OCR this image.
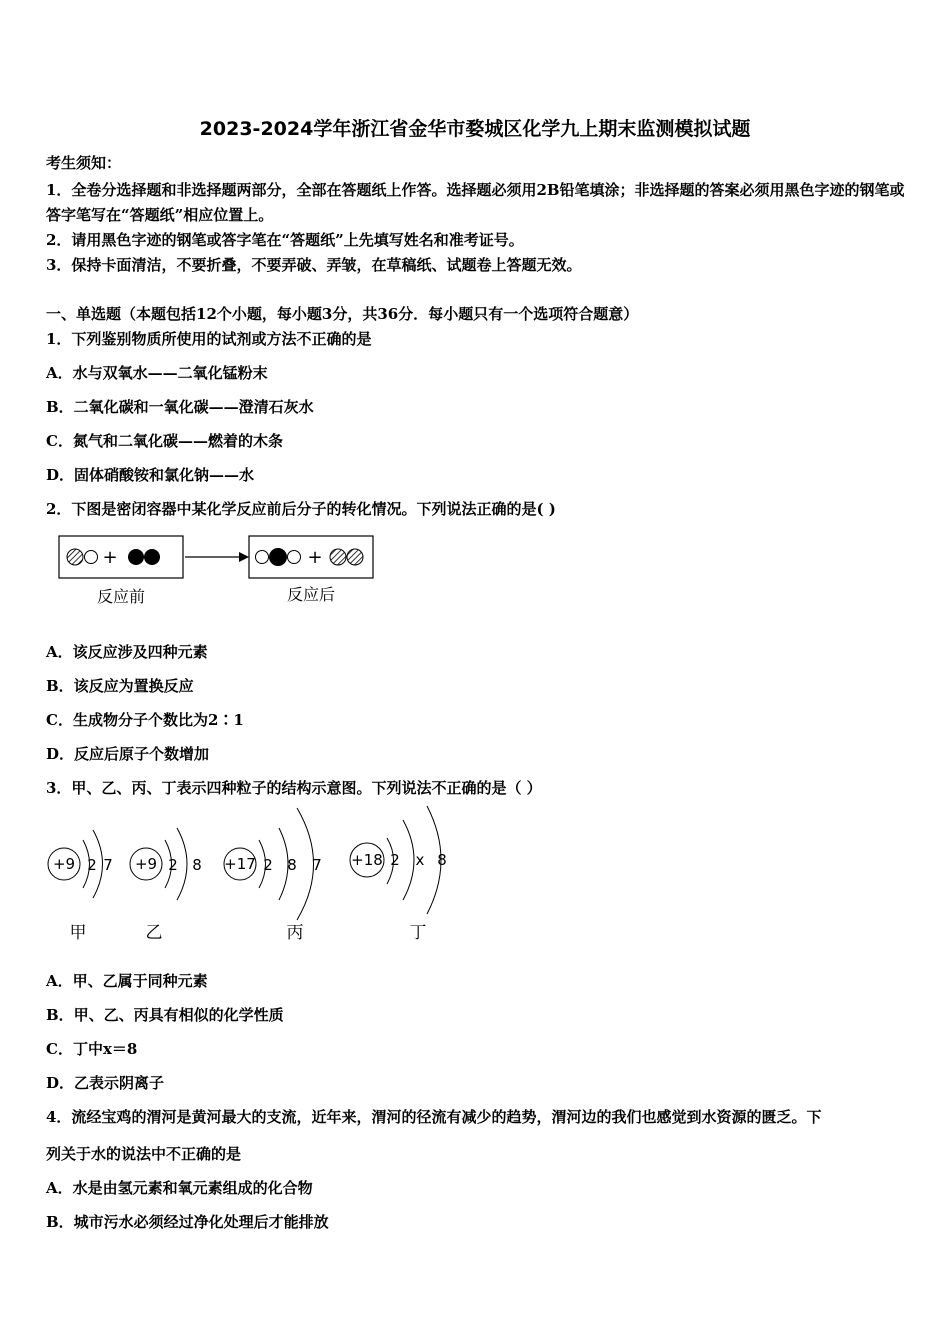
2023-2024学年浙江省金华市婺城区化学九上期末监测模拟试题
考生须知：
1．全卷分选择题和非选择题两部分，全部在答题纸上作答。选择题必须用2B铅笔填涂；非选择题的答案必须用黑色字迹的钢笔或答字笔写在“答题纸”相应位置上。
2．请用黑色字迹的钢笔或答字笔在“答题纸”上先填写姓名和准考证号。
3．保持卡面清洁，不要折叠，不要弄破、弄皱，在草稿纸、试题卷上答题无效。
一、单选题（本题包括12个小题，每小题3分，共36分．每小题只有一个选项符合题意）
1．下列鉴别物质所使用的试剂或方法不正确的是
A．水与双氧水——二氧化锰粉末
B．二氧化碳和一氧化碳——澄清石灰水
C．氮气和二氧化碳——燃着的木条
D．固体硝酸铵和氯化钠——水
2．下图是密闭容器中某化学反应前后分子的转化情况。下列说法正确的是( )
+	+
反应前	反应后
A．该反应涉及四种元素
B．该反应为置换反应
C．生成物分子个数比为2∶1
D．反应后原子个数增加
3．甲、乙、丙、丁表示四种粒子的结构示意图。下列说法不正确的是（ ）
+9 2 7
甲
+9 2 8
乙
+17 2 8 7
丙
+18 2 x 8
丁
A．甲、乙属于同种元素
B．甲、乙、丙具有相似的化学性质
C．丁中x＝8
D．乙表示阴离子
4．流经宝鸡的渭河是黄河最大的支流，近年来，渭河的径流有减少的趋势，渭河边的我们也感觉到水资源的匮乏。下
列关于水的说法中不正确的是
A．水是由氢元素和氧元素组成的化合物
B．城市污水必须经过净化处理后才能排放
